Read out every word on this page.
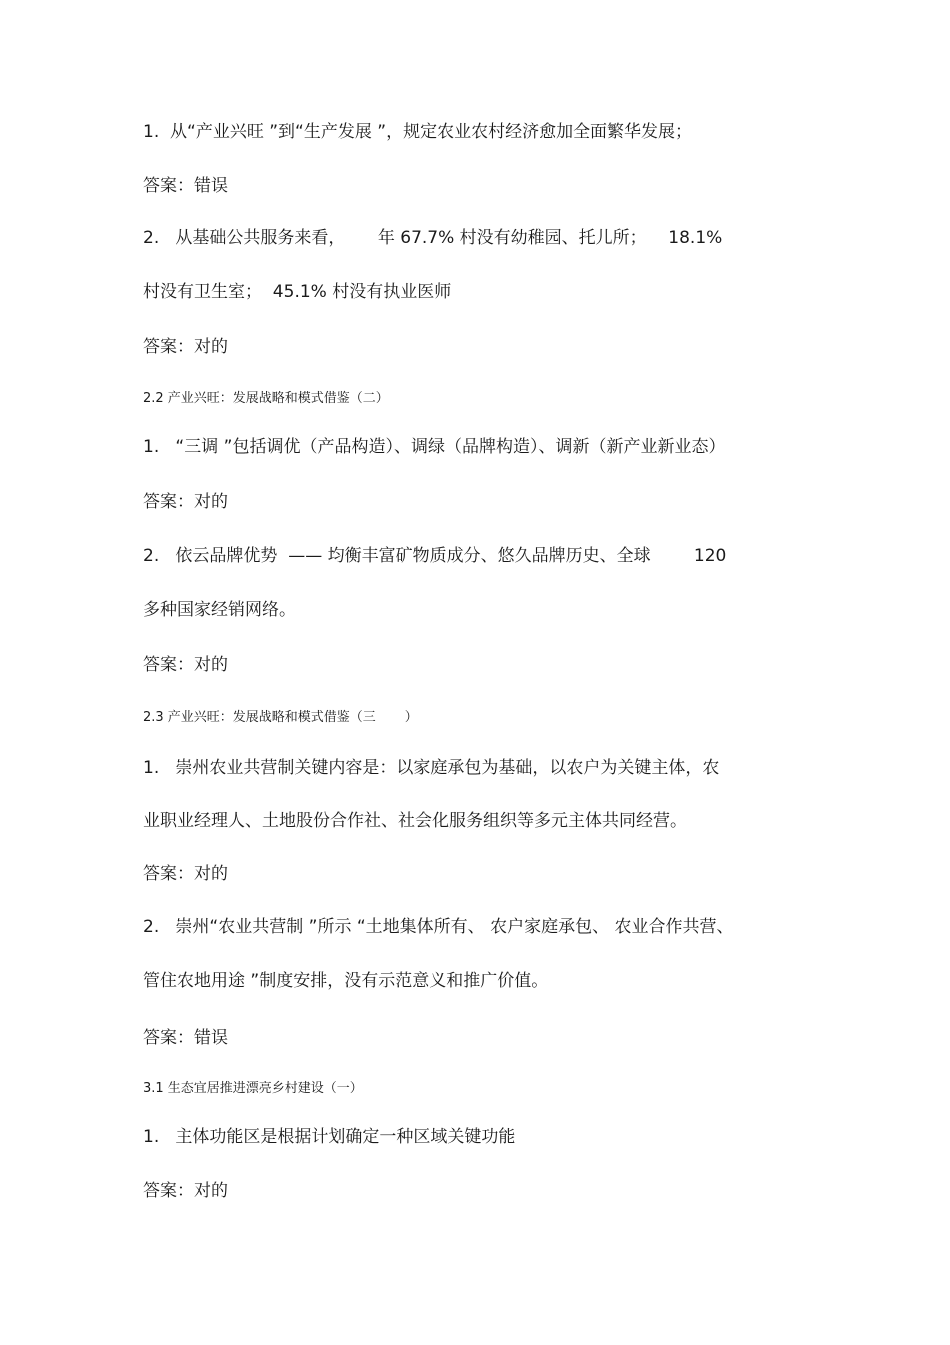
1.  从“产业兴旺 ”到“生产发展 ”，规定农业农村经济愈加全面繁华发展；
答案：错误
2.   从基础公共服务来看，      年 67.7% 村没有幼稚园、托儿所；    18.1%
村没有卫生室；  45.1% 村没有执业医师
答案：对的
2.2 产业兴旺：发展战略和模式借鉴（二）
1.   “三调 ”包括调优（产品构造）、调绿（品牌构造）、调新（新产业新业态）
答案：对的
2.   依云品牌优势  —— 均衡丰富矿物质成分、悠久品牌历史、全球        120
多种国家经销网络。
答案：对的
2.3 产业兴旺：发展战略和模式借鉴（三       ）
1.   崇州农业共营制关键内容是：以家庭承包为基础，以农户为关键主体，农
业职业经理人、土地股份合作社、社会化服务组织等多元主体共同经营。
答案：对的
2.   崇州“农业共营制 ”所示 “土地集体所有、 农户家庭承包、 农业合作共营、
管住农地用途 ”制度安排，没有示范意义和推广价值。
答案：错误
3.1 生态宜居推进漂亮乡村建设（一）
1.   主体功能区是根据计划确定一种区域关键功能
答案：对的
